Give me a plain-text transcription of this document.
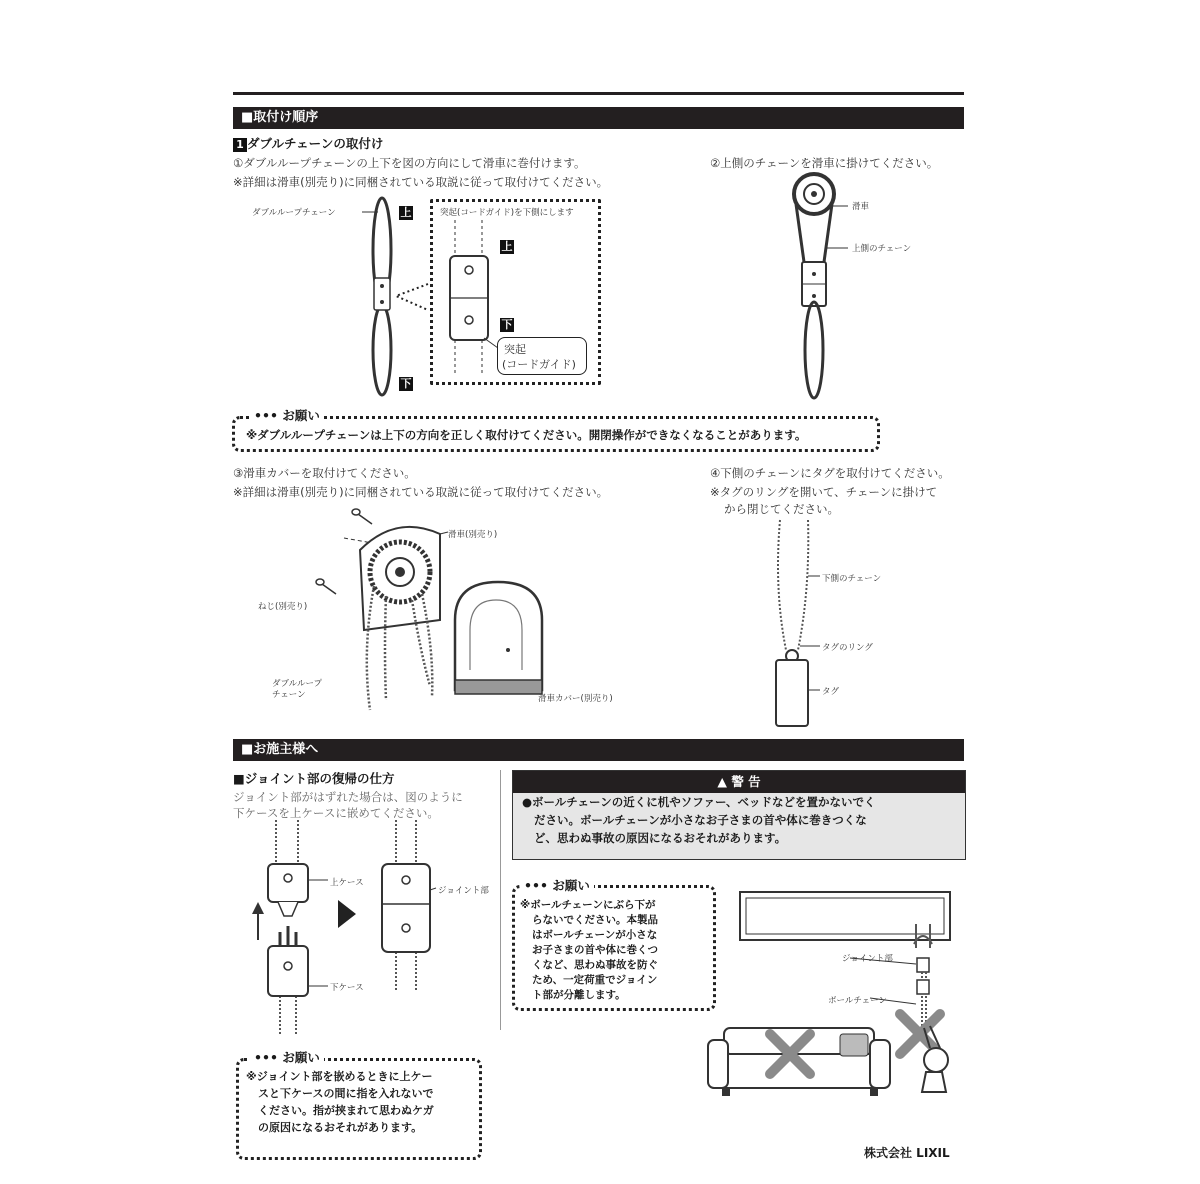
■取付け順序
1 ダブルチェーンの取付け
①ダブルループチェーンの上下を図の方向にして滑車に巻付けます。
※詳細は滑車(別売り)に同梱されている取説に従って取付けてください。
ダブルループチェーン	上
下
突起(コードガイド)を下側にします
上
下
突起
(コードガイド)
②上側のチェーンを滑車に掛けてください。
滑車
上側のチェーン
••• お願い
※ダブルループチェーンは上下の方向を正しく取付けてください。開閉操作ができなくなることがあります。
③滑車カバーを取付けてください。
※詳細は滑車(別売り)に同梱されている取説に従って取付けてください。
滑車(別売り)
ねじ(別売り)
ダブルループ
チェーン	滑車カバー(別売り)
④下側のチェーンにタグを取付けてください。
※タグのリングを開いて、チェーンに掛けて
から閉じてください。
下側のチェーン
タグのリング
タグ
■お施主様へ
■ジョイント部の復帰の仕方
ジョイント部がはずれた場合は、図のように
下ケースを上ケースに嵌めてください。
上ケース
下ケース
ジョイント部
••• お願い
※ジョイント部を嵌めるときに上ケー
スと下ケースの間に指を入れないで
ください。指が挟まれて思わぬケガ
の原因になるおそれがあります。
▲ 警 告
●ボールチェーンの近くに机やソファー、ベッドなどを置かないでく
ださい。ボールチェーンが小さなお子さまの首や体に巻きつくな
ど、思わぬ事故の原因になるおそれがあります。
••• お願い
※ボールチェーンにぶら下が
らないでください。本製品
はボールチェーンが小さな
お子さまの首や体に巻くつ
くなど、思わぬ事故を防ぐ
ため、一定荷重でジョイン
ト部が分離します。
ジョイント部
ボールチェーン
株式会社 LIXIL
